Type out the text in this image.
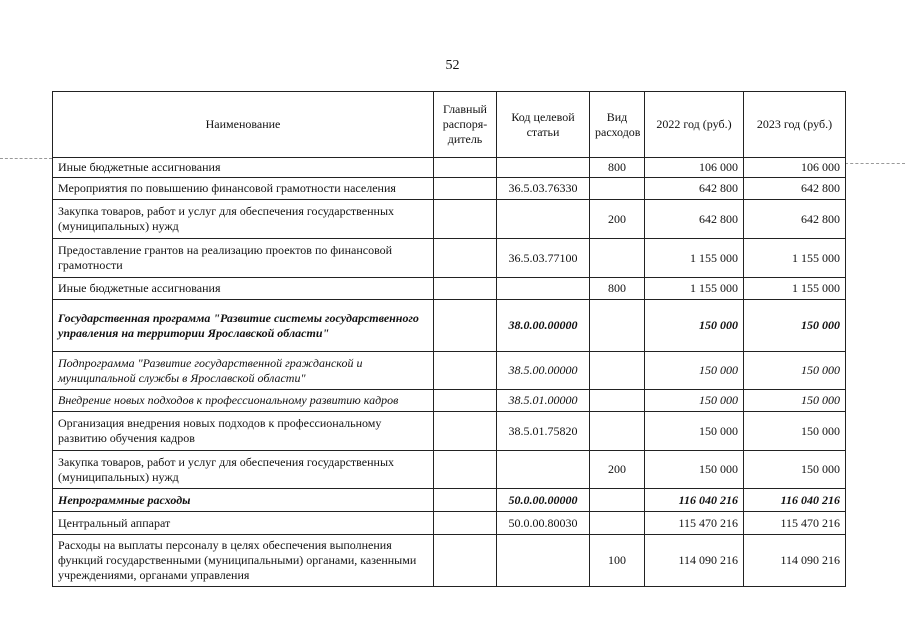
52
Наименование	Главный распоря-дитель	Код целевой статьи	Вид расходов	2022 год (руб.)	2023 год (руб.)
Иные бюджетные ассигнования			800	106 000	106 000
Мероприятия по повышению финансовой грамотности населения		36.5.03.76330		642 800	642 800
Закупка товаров, работ и услуг для обеспечения государственных (муниципальных) нужд			200	642 800	642 800
Предоставление грантов на реализацию проектов по финансовой грамотности		36.5.03.77100		1 155 000	1 155 000
Иные бюджетные ассигнования			800	1 155 000	1 155 000
Государственная программа "Развитие системы государственного управления на территории Ярославской области"		38.0.00.00000		150 000	150 000
Подпрограмма "Развитие государственной гражданской и муниципальной службы в Ярославской области"		38.5.00.00000		150 000	150 000
Внедрение новых подходов к профессиональному развитию кадров		38.5.01.00000		150 000	150 000
Организация внедрения новых подходов к профессиональному развитию обучения кадров		38.5.01.75820		150 000	150 000
Закупка товаров, работ и услуг для обеспечения государственных (муниципальных) нужд			200	150 000	150 000
Непрограммные расходы		50.0.00.00000		116 040 216	116 040 216
Центральный аппарат		50.0.00.80030		115 470 216	115 470 216
Расходы на выплаты персоналу в целях обеспечения выполнения функций государственными (муниципальными) органами, казенными учреждениями, органами управления			100	114 090 216	114 090 216
